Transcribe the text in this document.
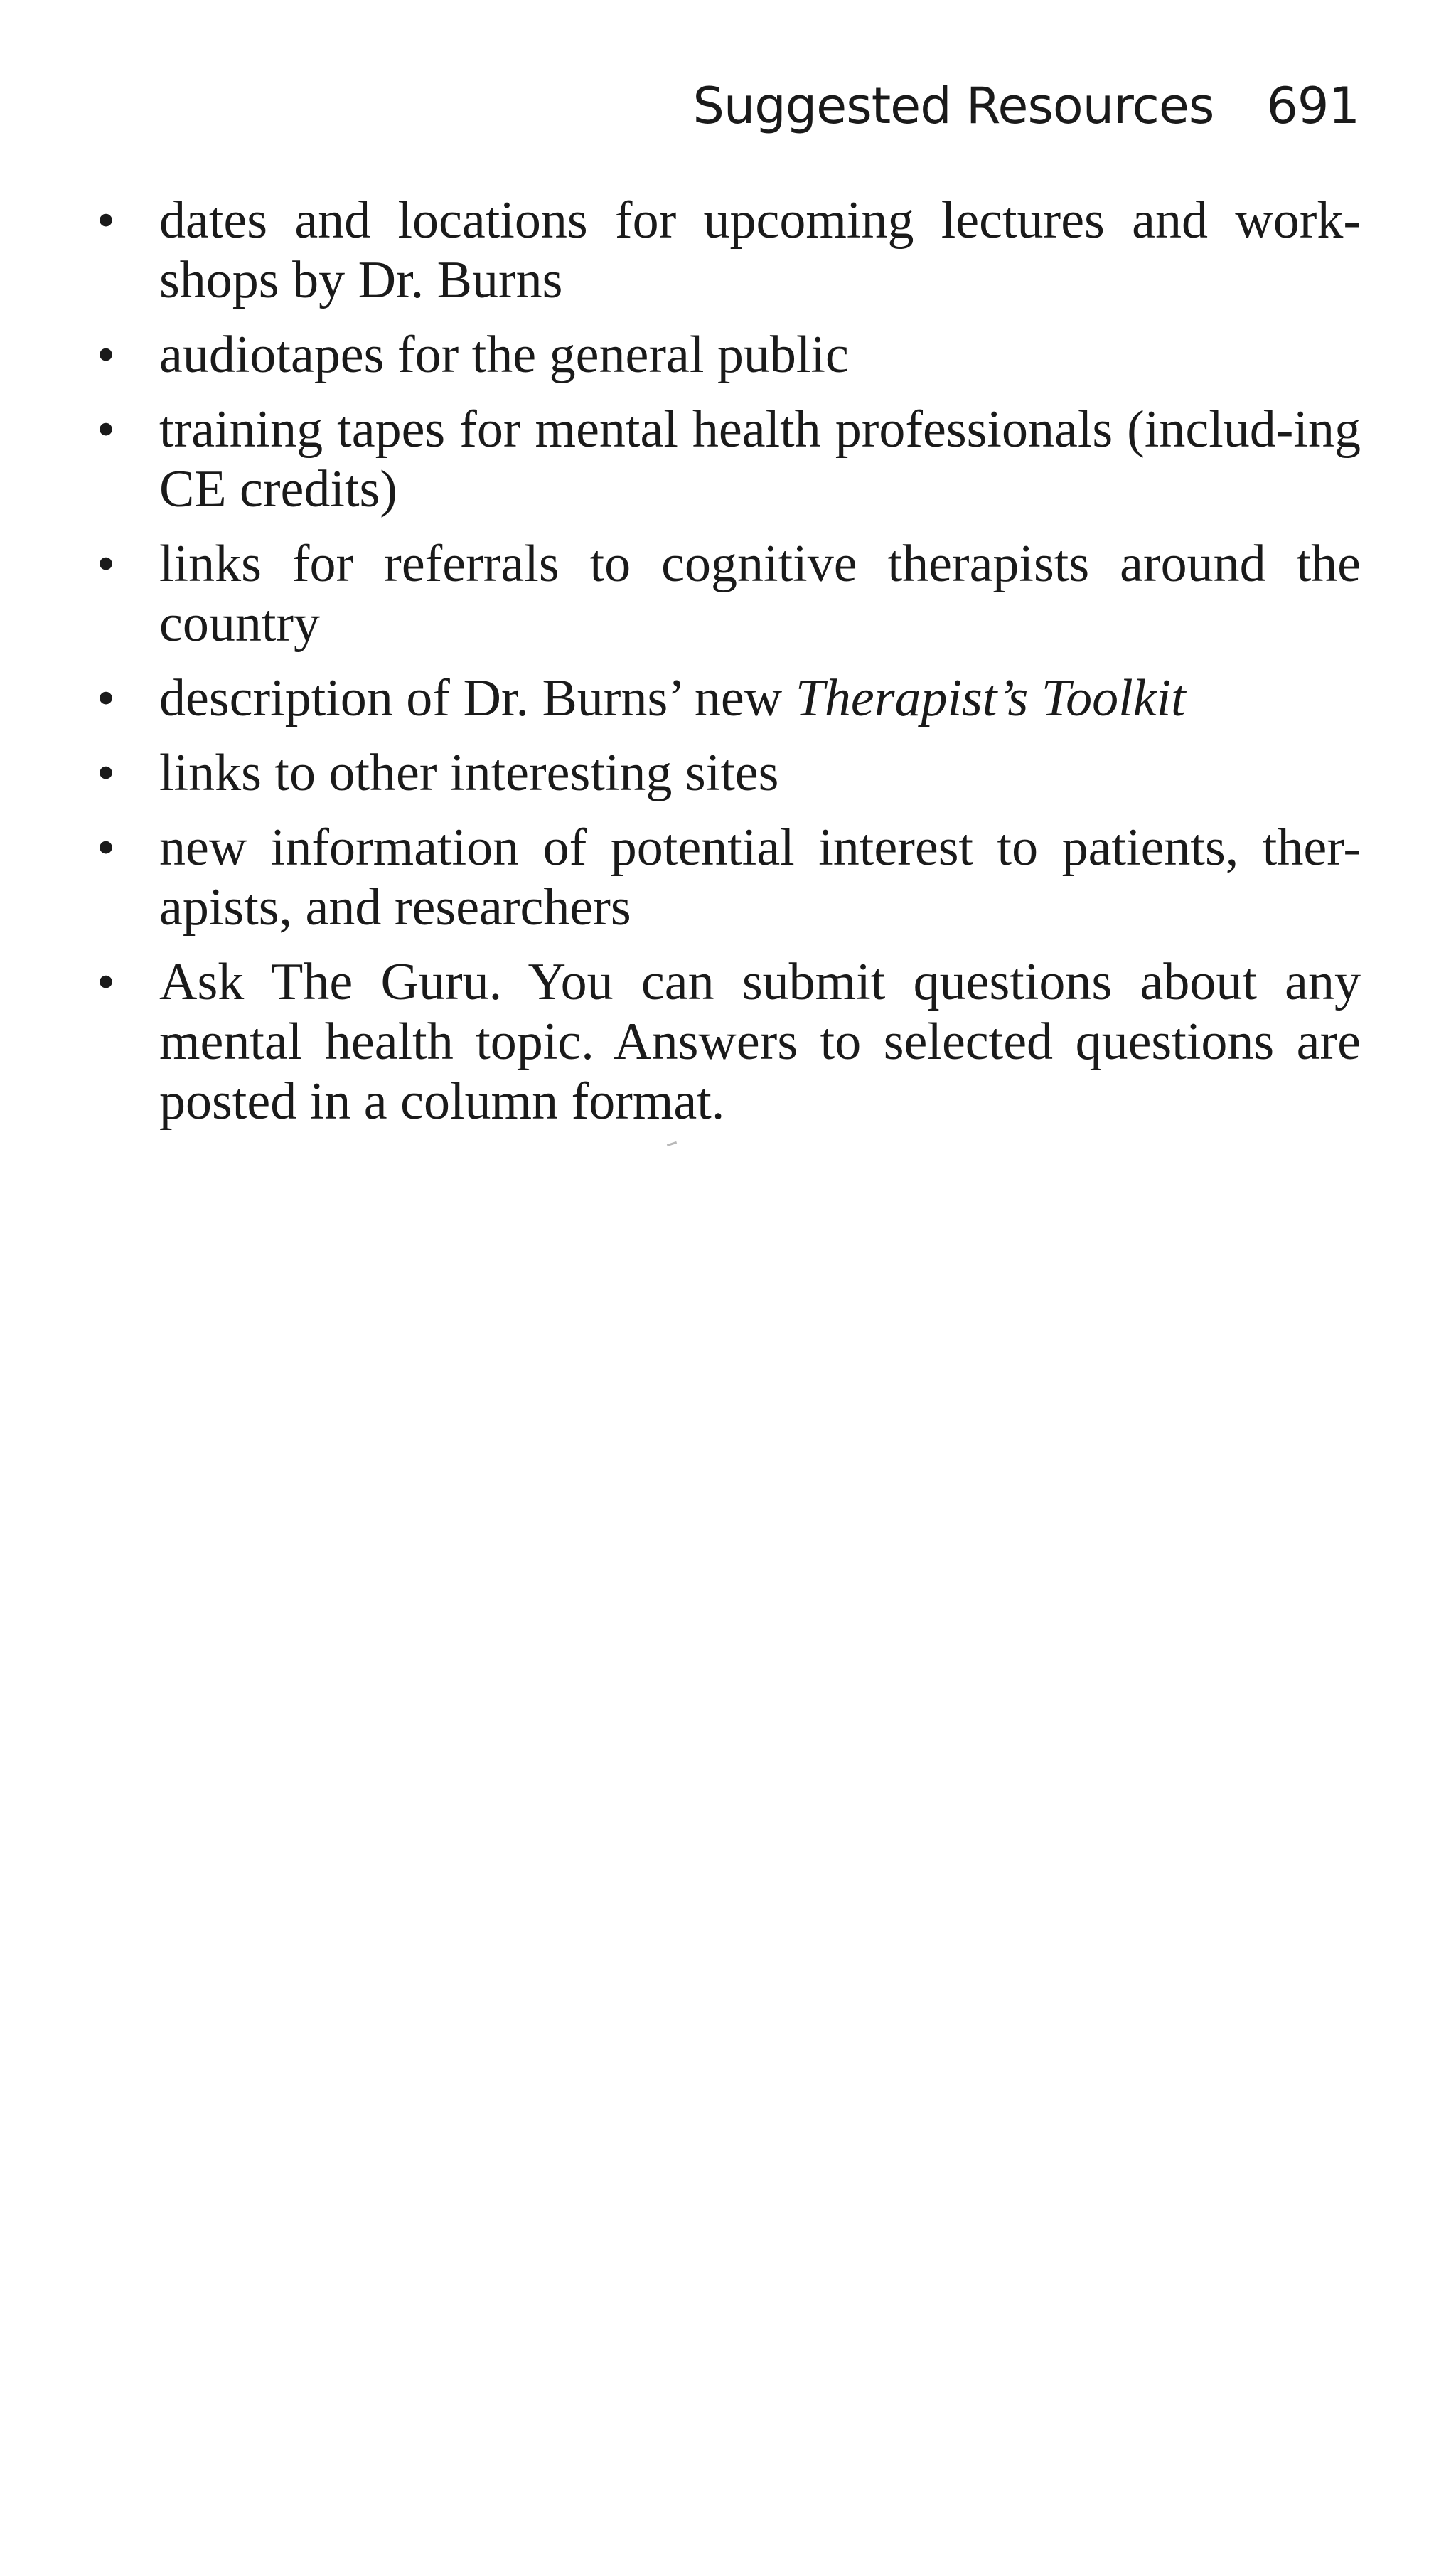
Suggested Resources 691
• dates and locations for upcoming lectures and work-shops by Dr. Burns
• audiotapes for the general public
• training tapes for mental health professionals (includ-ing CE credits)
• links for referrals to cognitive therapists around the country
• description of Dr. Burns’ new Therapist’s Toolkit
• links to other interesting sites
• new information of potential interest to patients, ther-apists, and researchers
• Ask The Guru. You can submit questions about any mental health topic. Answers to selected questions are posted in a column format.
